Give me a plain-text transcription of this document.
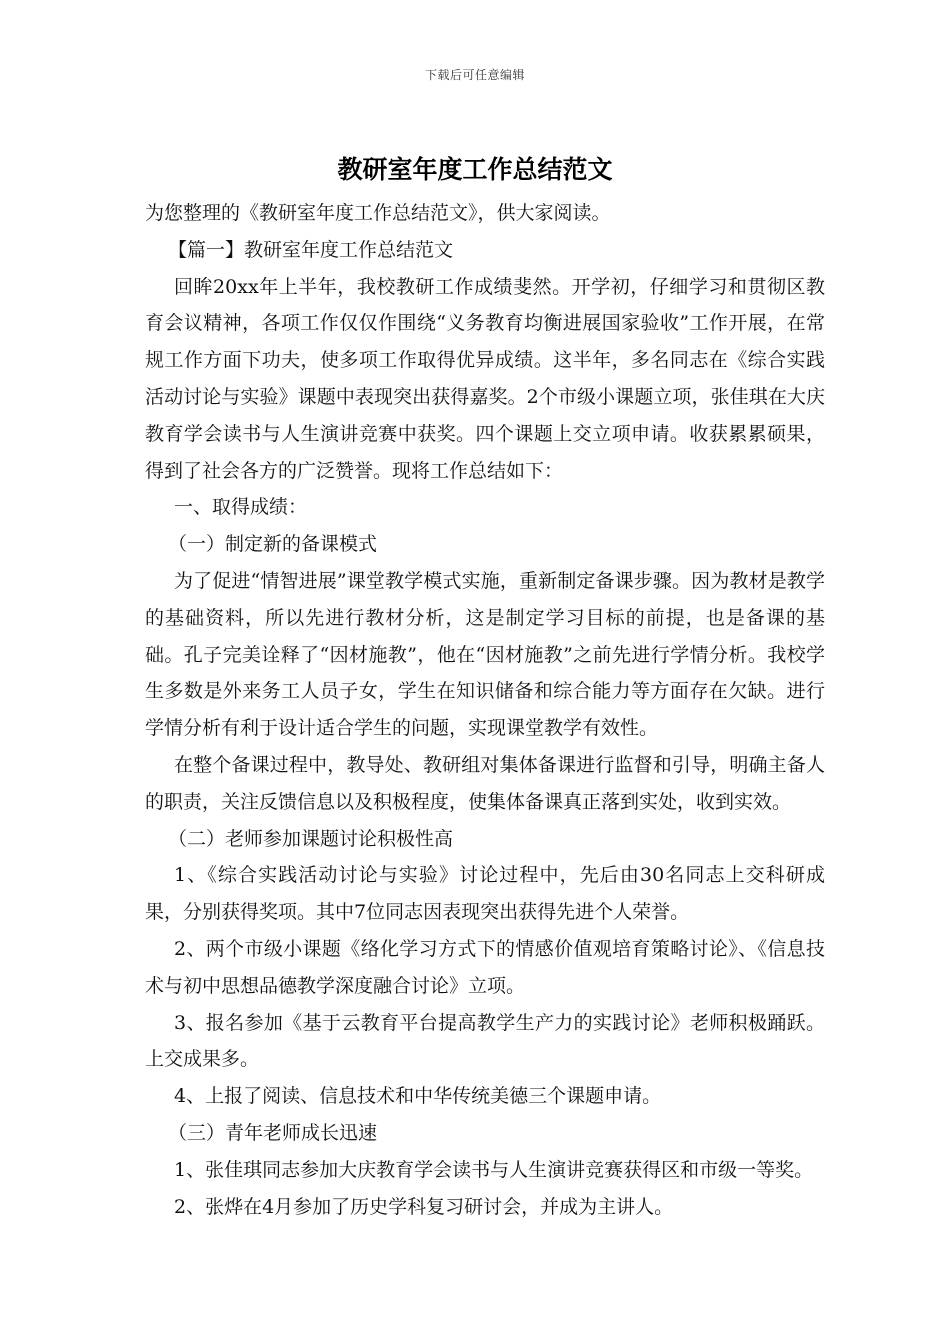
下载后可任意编辑
教研室年度工作总结范文

为您整理的《教研室年度工作总结范文》，供大家阅读。

【篇一】教研室年度工作总结范文

回眸20xx年上半年，我校教研工作成绩斐然。开学初，仔细学习和贯彻区教育会议精神，各项工作仅仅作围绕“义务教育均衡进展国家验收”工作开展，在常规工作方面下功夫，使多项工作取得优异成绩。这半年，多名同志在《综合实践活动讨论与实验》课题中表现突出获得嘉奖。2个市级小课题立项，张佳琪在大庆教育学会读书与人生演讲竞赛中获奖。四个课题上交立项申请。收获累累硕果，得到了社会各方的广泛赞誉。现将工作总结如下：

一、取得成绩：

（一）制定新的备课模式

为了促进“情智进展”课堂教学模式实施，重新制定备课步骤。因为教材是教学的基础资料，所以先进行教材分析，这是制定学习目标的前提，也是备课的基础。孔子完美诠释了“因材施教”，他在“因材施教”之前先进行学情分析。我校学生多数是外来务工人员子女，学生在知识储备和综合能力等方面存在欠缺。进行学情分析有利于设计适合学生的问题，实现课堂教学有效性。

在整个备课过程中，教导处、教研组对集体备课进行监督和引导，明确主备人的职责，关注反馈信息以及积极程度，使集体备课真正落到实处，收到实效。

（二）老师参加课题讨论积极性高

1、《综合实践活动讨论与实验》讨论过程中，先后由30名同志上交科研成果，分别获得奖项。其中7位同志因表现突出获得先进个人荣誉。

2、两个市级小课题《络化学习方式下的情感价值观培育策略讨论》、《信息技术与初中思想品德教学深度融合讨论》立项。

3、报名参加《基于云教育平台提高教学生产力的实践讨论》老师积极踊跃。上交成果多。

4、上报了阅读、信息技术和中华传统美德三个课题申请。

（三）青年老师成长迅速

1、张佳琪同志参加大庆教育学会读书与人生演讲竞赛获得区和市级一等奖。

2、张烨在4月参加了历史学科复习研讨会，并成为主讲人。
